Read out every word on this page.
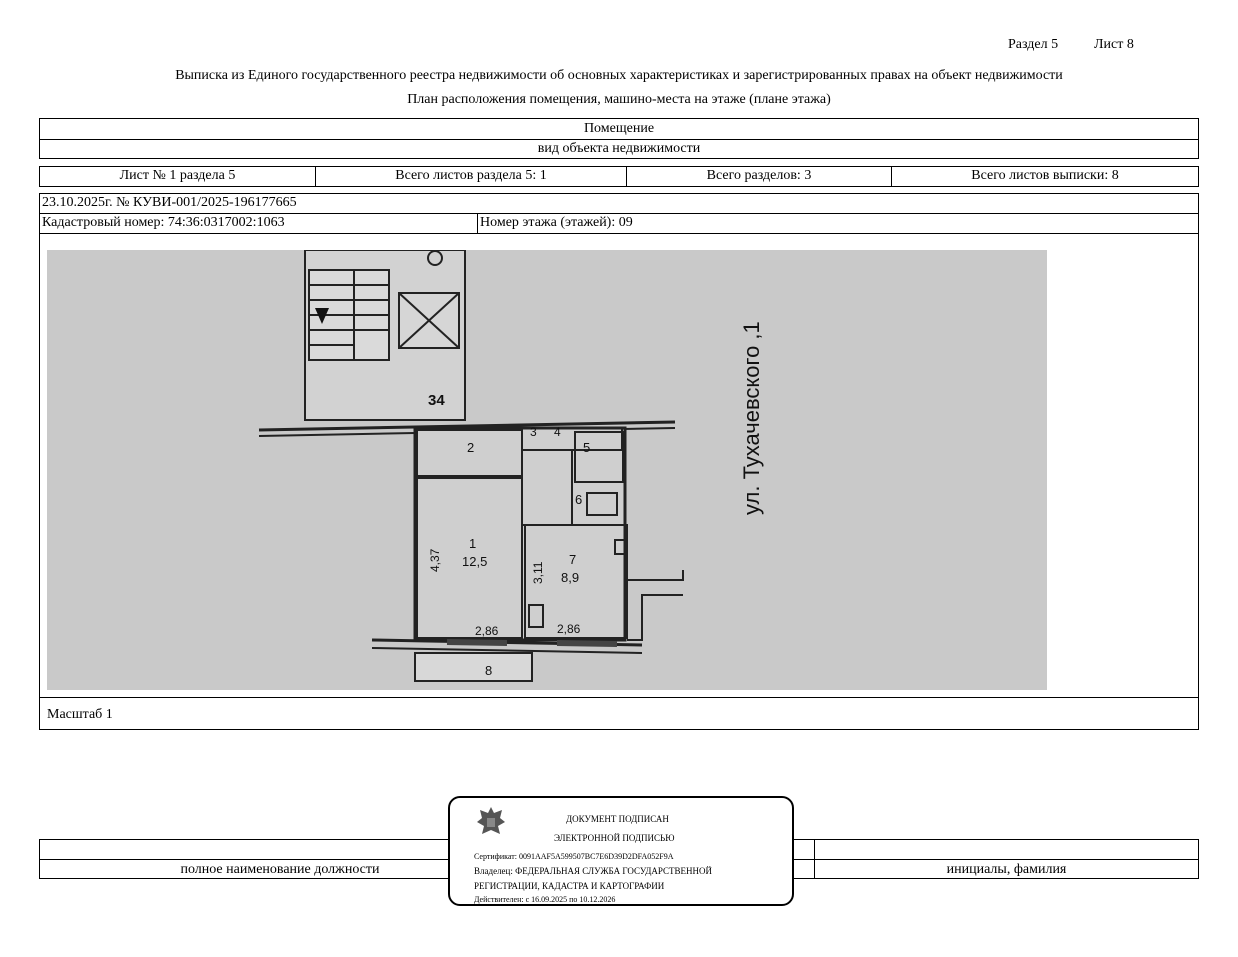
Раздел 5	Лист 8
Выписка из Единого государственного реестра недвижимости об основных характеристиках и зарегистрированных правах на объект недвижимости
План расположения помещения, машино-места на этаже (плане этажа)
Помещение
вид объекта недвижимости
Лист № 1 раздела 5	Всего листов раздела 5: 1	Всего разделов: 3	Всего листов выписки: 8
23.10.2025г. № КУВИ-001/2025-196177665
Кадастровый номер: 74:36:0317002:1063	Номер этажа (этажей): 09
34
2
3 4
5
6
1
12,5	7
8,9
8
4,37
3,11
2,86	2,86
ул. Тухачевского ,1
Масштаб 1
полное наименование должности	инициалы, фамилия
ДОКУМЕНТ ПОДПИСАН
ЭЛЕКТРОННОЙ ПОДПИСЬЮ
Сертификат: 0091AAF5A599507BC7E6D39D2DFA052F9A
Владелец: ФЕДЕРАЛЬНАЯ СЛУЖБА ГОСУДАРСТВЕННОЙ
РЕГИСТРАЦИИ, КАДАСТРА И КАРТОГРАФИИ
Действителен: с 16.09.2025 по 10.12.2026
